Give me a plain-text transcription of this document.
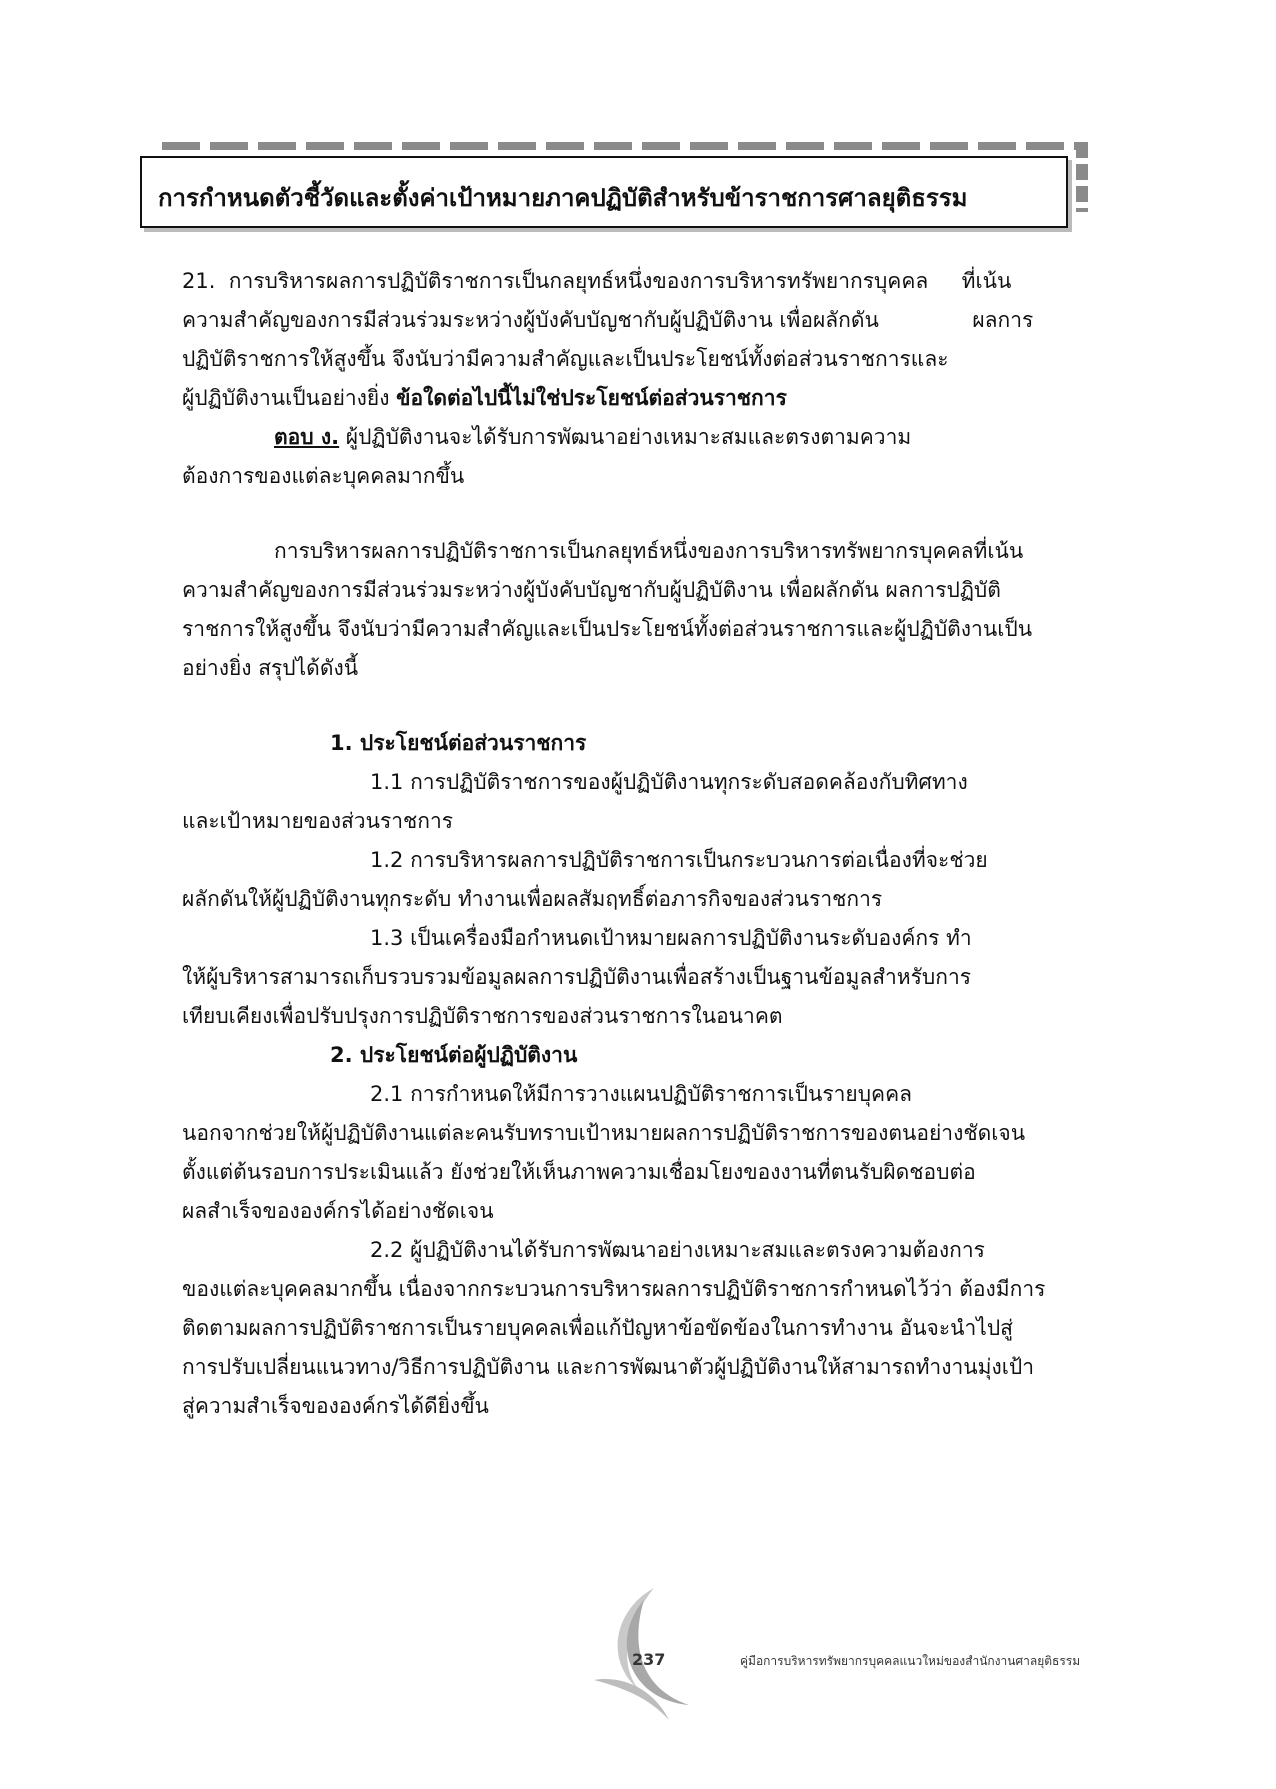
การกำหนดตัวชี้วัดและตั้งค่าเป้าหมายภาคปฏิบัติสำหรับข้าราชการศาลยุติธรรม
21.  การบริหารผลการปฏิบัติราชการเป็นกลยุทธ์หนึ่งของการบริหารทรัพยากรบุคคล     ที่เน้น
ความสำคัญของการมีส่วนร่วมระหว่างผู้บังคับบัญชากับผู้ปฏิบัติงาน เพื่อผลักดัน              ผลการ
ปฏิบัติราชการให้สูงขึ้น จึงนับว่ามีความสำคัญและเป็นประโยชน์ทั้งต่อส่วนราชการและ
ผู้ปฏิบัติงานเป็นอย่างยิ่ง ข้อใดต่อไปนี้ไม่ใช่ประโยชน์ต่อส่วนราชการ
ตอบ ง. ผู้ปฏิบัติงานจะได้รับการพัฒนาอย่างเหมาะสมและตรงตามความ
ต้องการของแต่ละบุคคลมากขึ้น
การบริหารผลการปฏิบัติราชการเป็นกลยุทธ์หนึ่งของการบริหารทรัพยากรบุคคลที่เน้น
ความสำคัญของการมีส่วนร่วมระหว่างผู้บังคับบัญชากับผู้ปฏิบัติงาน เพื่อผลักดัน ผลการปฏิบัติ
ราชการให้สูงขึ้น จึงนับว่ามีความสำคัญและเป็นประโยชน์ทั้งต่อส่วนราชการและผู้ปฏิบัติงานเป็น
อย่างยิ่ง สรุปได้ดังนี้
1. ประโยชน์ต่อส่วนราชการ
1.1 การปฏิบัติราชการของผู้ปฏิบัติงานทุกระดับสอดคล้องกับทิศทาง
และเป้าหมายของส่วนราชการ
1.2 การบริหารผลการปฏิบัติราชการเป็นกระบวนการต่อเนื่องที่จะช่วย
ผลักดันให้ผู้ปฏิบัติงานทุกระดับ ทำงานเพื่อผลสัมฤทธิ์ต่อภารกิจของส่วนราชการ
1.3 เป็นเครื่องมือกำหนดเป้าหมายผลการปฏิบัติงานระดับองค์กร ทำ
ให้ผู้บริหารสามารถเก็บรวบรวมข้อมูลผลการปฏิบัติงานเพื่อสร้างเป็นฐานข้อมูลสำหรับการ
เทียบเคียงเพื่อปรับปรุงการปฏิบัติราชการของส่วนราชการในอนาคต
2. ประโยชน์ต่อผู้ปฏิบัติงาน
2.1 การกำหนดให้มีการวางแผนปฏิบัติราชการเป็นรายบุคคล
นอกจากช่วยให้ผู้ปฏิบัติงานแต่ละคนรับทราบเป้าหมายผลการปฏิบัติราชการของตนอย่างชัดเจน
ตั้งแต่ต้นรอบการประเมินแล้ว ยังช่วยให้เห็นภาพความเชื่อมโยงของงานที่ตนรับผิดชอบต่อ
ผลสำเร็จขององค์กรได้อย่างชัดเจน
2.2 ผู้ปฏิบัติงานได้รับการพัฒนาอย่างเหมาะสมและตรงความต้องการ
ของแต่ละบุคคลมากขึ้น เนื่องจากกระบวนการบริหารผลการปฏิบัติราชการกำหนดไว้ว่า ต้องมีการ
ติดตามผลการปฏิบัติราชการเป็นรายบุคคลเพื่อแก้ปัญหาข้อขัดข้องในการทำงาน อันจะนำไปสู่
การปรับเปลี่ยนแนวทาง/วิธีการปฏิบัติงาน และการพัฒนาตัวผู้ปฏิบัติงานให้สามารถทำงานมุ่งเป้า
สู่ความสำเร็จขององค์กรได้ดียิ่งขึ้น
237	คู่มือการบริหารทรัพยากรบุคคลแนวใหม่ของสำนักงานศาลยุติธรรม
